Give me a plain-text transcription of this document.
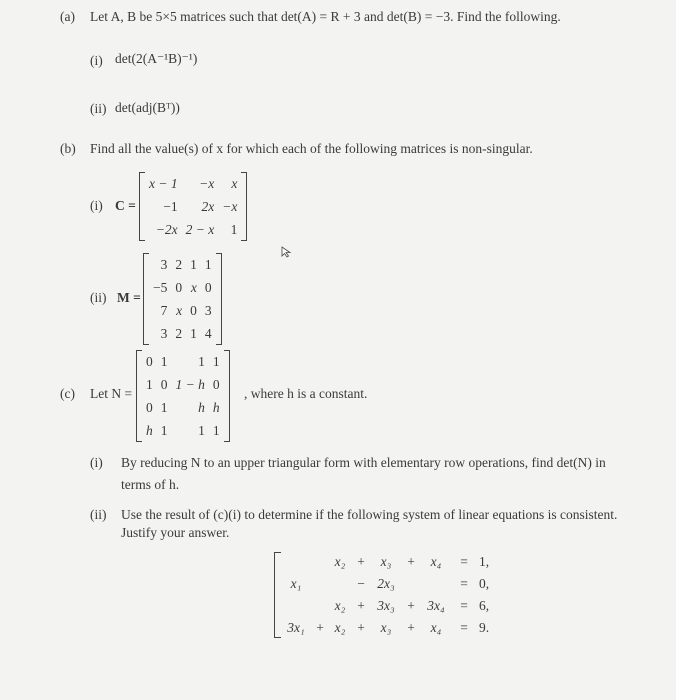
(a) Let A, B be 5×5 matrices such that det(A) = R + 3 and det(B) = −3. Find the following.
(i) det(2(A⁻¹B)⁻¹)
(ii) det(adj(Bᵀ))
(b) Find all the value(s) of x for which each of the following matrices is non-singular.
(i) C =
x − 1	−x	x
−1	2x	−x
−2x	2 − x	1
(ii) M =
3	2	1	1
−5	0	x	0
7	x	0	3
3	2	1	4
(c) Let N =
0	1	1	1
1	0	1 − h	0
0	1	h	h
h	1	1	1
, where h is a constant.
(i) By reducing N to an upper triangular form with elementary row operations, find det(N) in
terms of h.
(ii) Use the result of (c)(i) to determine if the following system of linear equations is consistent.
Justify your answer.
		x₂	+	x₃	+	x₄	=	1,
x₁			−	2x₃			=	0,
		x₂	+	3x₃	+	3x₄	=	6,
3x₁	+	x₂	+	x₃	+	x₄	=	9.
